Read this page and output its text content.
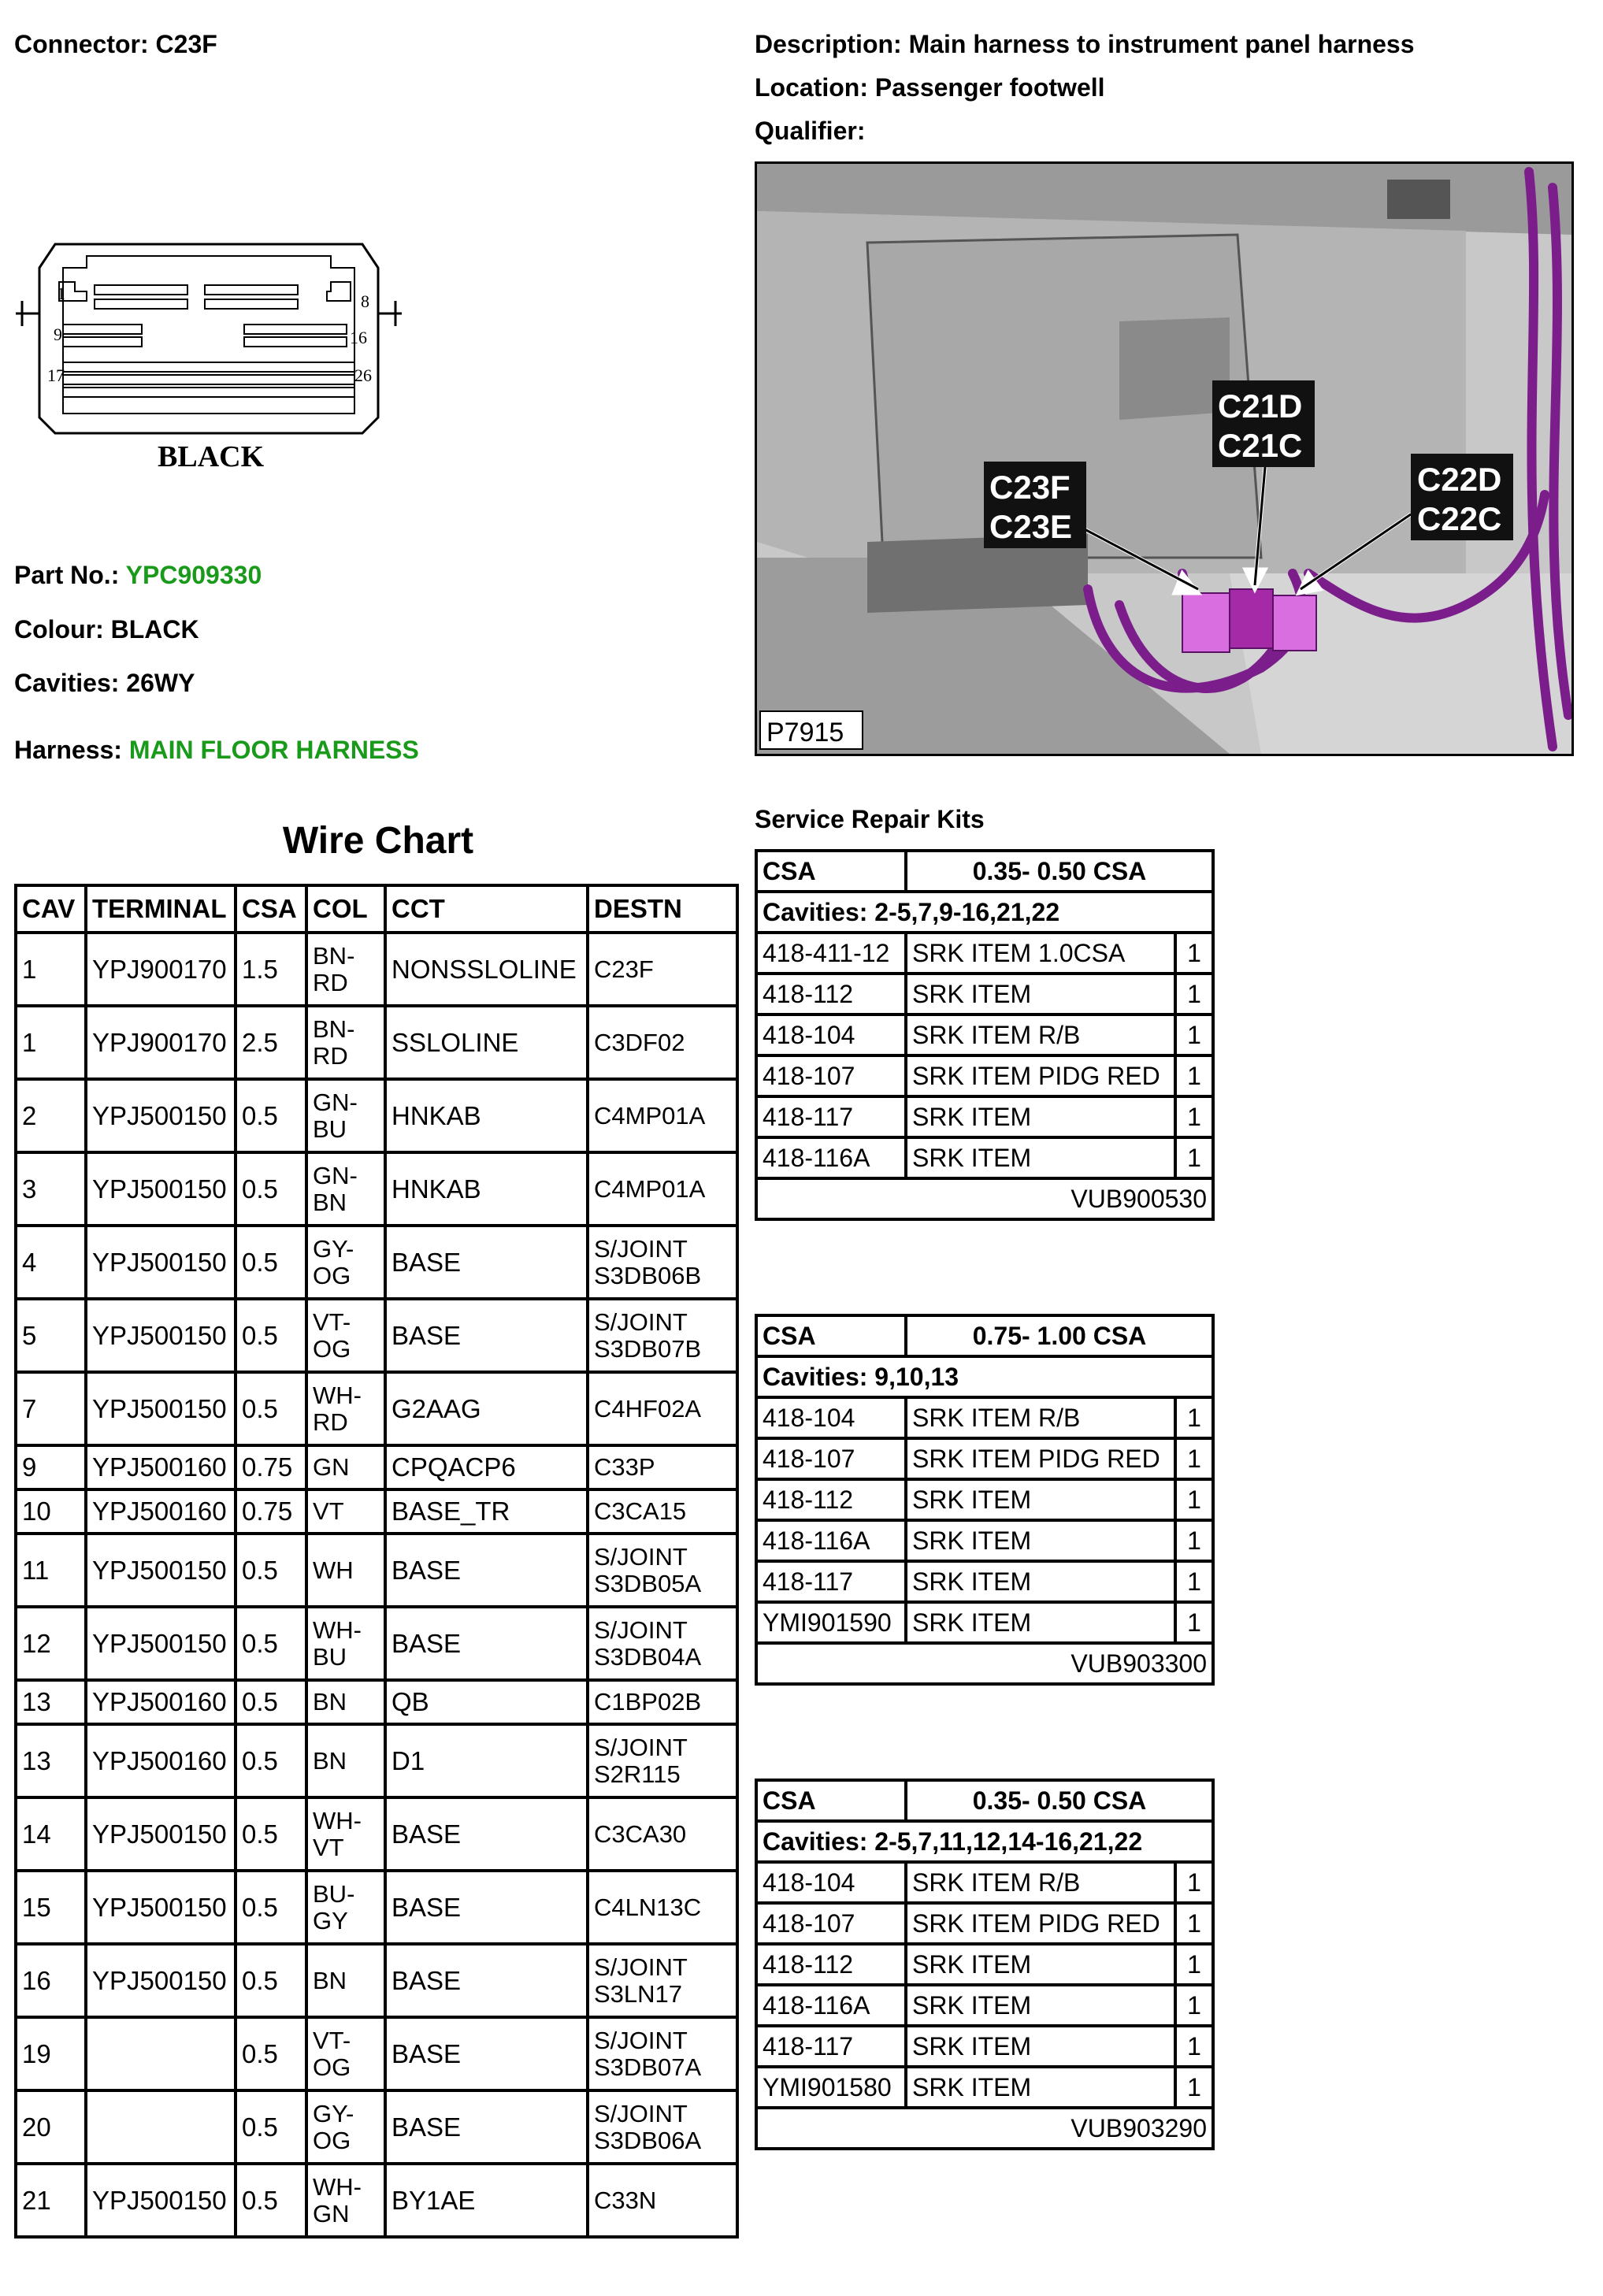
Connector: C23F	Description: Main harness to instrument panel harness
Location: Passenger footwell
Qualifier:
1	8
9	16
17	26
BLACK
Part No.: YPC909330
Colour: BLACK
Cavities: 26WY
Harness: MAIN FLOOR HARNESS
C21D
C21C
C23F
C23E
C22D
C22C
P7915
Wire Chart
CAV	TERMINAL	CSA	COL	CCT	DESTN
1	YPJ900170	1.5	BN-RD	NONSSLOLINE	C23F
1	YPJ900170	2.5	BN-RD	SSLOLINE	C3DF02
2	YPJ500150	0.5	GN-BU	HNKAB	C4MP01A
3	YPJ500150	0.5	GN-BN	HNKAB	C4MP01A
4	YPJ500150	0.5	GY-OG	BASE	S/JOINT S3DB06B
5	YPJ500150	0.5	VT-OG	BASE	S/JOINT S3DB07B
7	YPJ500150	0.5	WH-RD	G2AAG	C4HF02A
9	YPJ500160	0.75	GN	CPQACP6	C33P
10	YPJ500160	0.75	VT	BASE_TR	C3CA15
11	YPJ500150	0.5	WH	BASE	S/JOINT S3DB05A
12	YPJ500150	0.5	WH-BU	BASE	S/JOINT S3DB04A
13	YPJ500160	0.5	BN	QB	C1BP02B
13	YPJ500160	0.5	BN	D1	S/JOINT S2R115
14	YPJ500150	0.5	WH-VT	BASE	C3CA30
15	YPJ500150	0.5	BU-GY	BASE	C4LN13C
16	YPJ500150	0.5	BN	BASE	S/JOINT S3LN17
19		0.5	VT-OG	BASE	S/JOINT S3DB07A
20		0.5	GY-OG	BASE	S/JOINT S3DB06A
21	YPJ500150	0.5	WH-GN	BY1AE	C33N
Service Repair Kits
CSA	0.35- 0.50 CSA	
Cavities: 2-5,7,9-16,21,22		
418-411-12	SRK ITEM 1.0CSA	1
418-112	SRK ITEM	1
418-104	SRK ITEM R/B	1
418-107	SRK ITEM PIDG RED	1
418-117	SRK ITEM	1
418-116A	SRK ITEM	1
VUB900530		
CSA	0.75- 1.00 CSA	
Cavities: 9,10,13		
418-104	SRK ITEM R/B	1
418-107	SRK ITEM PIDG RED	1
418-112	SRK ITEM	1
418-116A	SRK ITEM	1
418-117	SRK ITEM	1
YMI901590	SRK ITEM	1
VUB903300		
CSA	0.35- 0.50 CSA	
Cavities: 2-5,7,11,12,14-16,21,22		
418-104	SRK ITEM R/B	1
418-107	SRK ITEM PIDG RED	1
418-112	SRK ITEM	1
418-116A	SRK ITEM	1
418-117	SRK ITEM	1
YMI901580	SRK ITEM	1
VUB903290		
